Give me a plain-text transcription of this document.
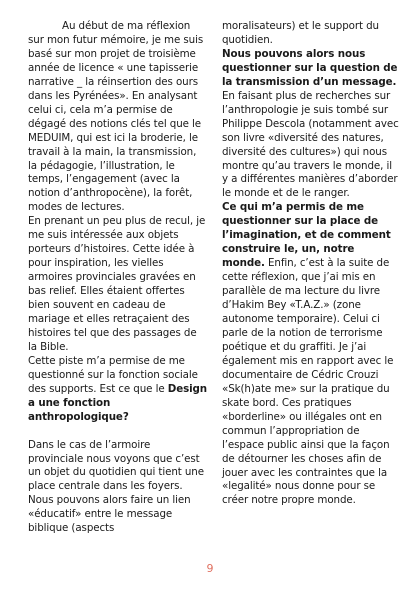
Au début de ma réflexion sur mon futur mémoire, je me suis basé sur mon projet de troisième année de licence « une tapisserie narrative _ la réinsertion des ours dans les Pyrénées». En analysant celui ci, cela m’a permise de dégagé des notions clés tel que le MEDUIM, qui est ici la broderie, le travail à la main, la transmission, la pédagogie, l’illustration, le temps, l’engagement (avec la notion d’anthropocène), la forêt, modes de lectures.

En prenant un peu plus de recul, je me suis intéressée aux objets porteurs d’histoires. Cette idée à pour inspiration, les vielles armoires provinciales gravées en bas relief. Elles étaient offertes bien souvent en cadeau de mariage et elles retraçaient des histoires tel que des passages de la Bible.

Cette piste m’a permise de me questionné sur la fonction sociale des supports. Est ce que le Design a une fonction anthropologique?

Dans le cas de l’armoire provinciale nous voyons que c’est un objet du quotidien qui tient une place centrale dans les foyers. Nous pouvons alors faire un lien «éducatif» entre le message biblique (aspects

moralisateurs) et le support du quotidien.

Nous pouvons alors nous questionner sur la question de la transmission d’un message. En faisant plus de recherches sur l’anthropologie je suis tombé sur Philippe Descola (notamment avec son livre «diversité des natures, diversité des cultures») qui nous montre qu’au travers le monde, il y a différentes manières d’aborder le monde et de le ranger.

Ce qui m’a permis de me questionner sur la place de l’imagination, et de comment construire le, un, notre monde. Enfin, c’est à la suite de cette réflexion, que j’ai mis en parallèle de ma lecture du livre d’Hakim Bey «T.A.Z.» (zone autonome temporaire). Celui ci parle de la notion de terrorisme poétique et du graffiti. Je j’ai également mis en rapport avec le documentaire de Cédric Crouzi «Sk(h)ate me» sur la pratique du skate bord. Ces pratiques «borderline» ou illégales ont en commun l’appropriation de l’espace public ainsi que la façon de détourner les choses afin de jouer avec les contraintes que la «legalité» nous donne pour se créer notre propre monde.

9
